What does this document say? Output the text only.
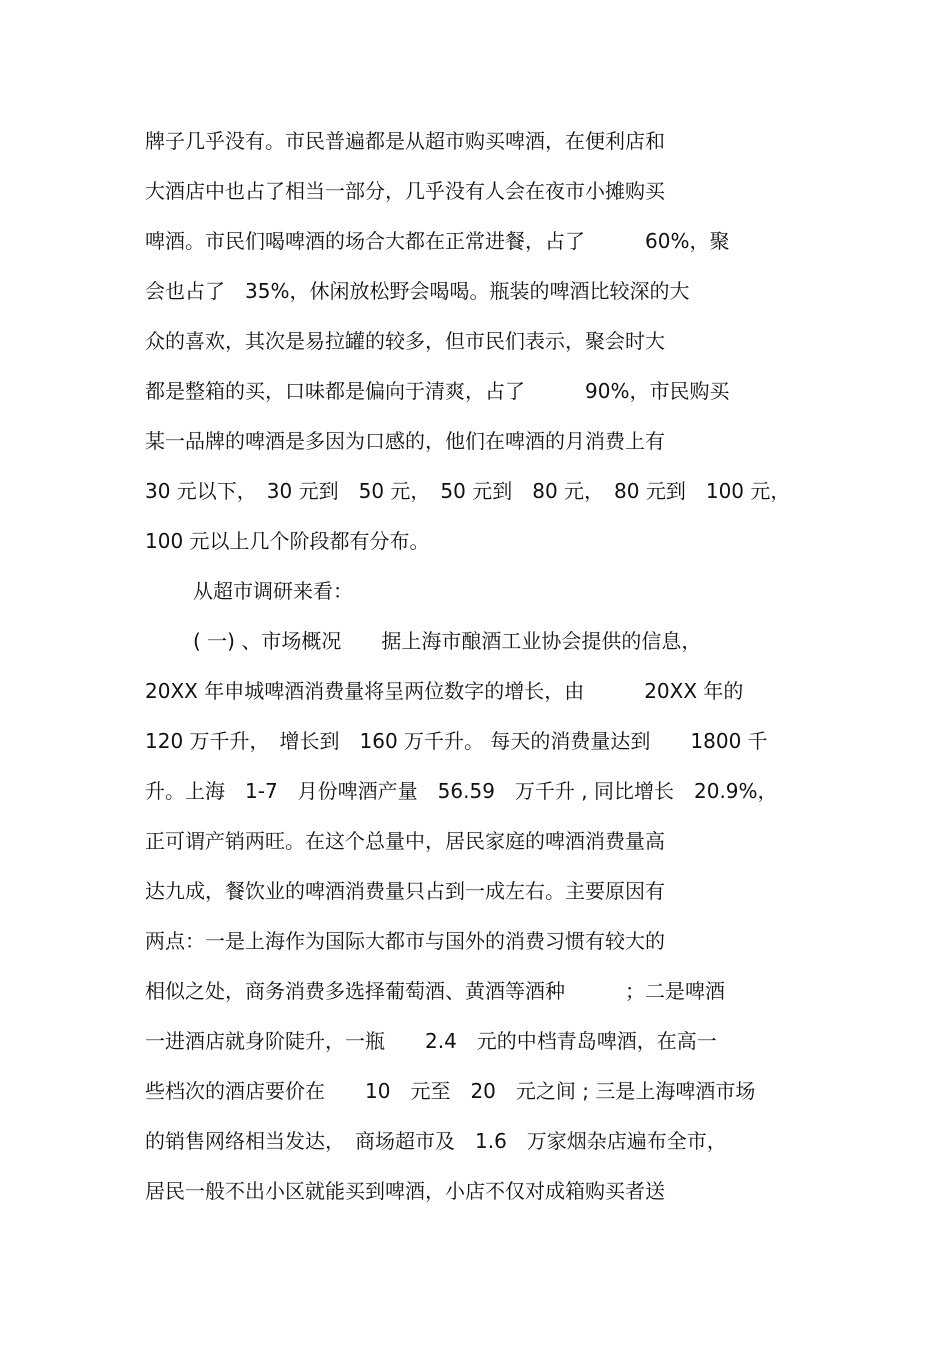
牌子几乎没有。市民普遍都是从超市购买啤酒，在便利店和
大酒店中也占了相当一部分，几乎没有人会在夜市小摊购买
啤酒。市民们喝啤酒的场合大都在正常进餐，占了　　　60%，聚
会也占了　35%，休闲放松野会喝喝。瓶装的啤酒比较深的大
众的喜欢，其次是易拉罐的较多，但市民们表示，聚会时大
都是整箱的买，口味都是偏向于清爽，占了　　　90%，市民购买
某一品牌的啤酒是多因为口感的，他们在啤酒的月消费上有
30 元以下，　30 元到　50 元，　50 元到　80 元，　80 元到　100 元，
100 元以上几个阶段都有分布。
从超市调研来看：
( 一) 、市场概况　　据上海市酿酒工业协会提供的信息，
20XX 年申城啤酒消费量将呈两位数字的增长，由　　　20XX 年的
120 万千升，　增长到　160 万千升。 每天的消费量达到　　1800 千
升。上海　1-7　月份啤酒产量　56.59　万千升 , 同比增长　20.9%，
正可谓产销两旺。在这个总量中，居民家庭的啤酒消费量高
达九成，餐饮业的啤酒消费量只占到一成左右。主要原因有
两点：一是上海作为国际大都市与国外的消费习惯有较大的
相似之处，商务消费多选择葡萄酒、黄酒等酒种　　　；二是啤酒
一进酒店就身阶陡升，一瓶　　2.4　元的中档青岛啤酒，在高一
些档次的酒店要价在　　10　元至　20　元之间 ; 三是上海啤酒市场
的销售网络相当发达，　商场超市及　1.6　万家烟杂店遍布全市，
居民一般不出小区就能买到啤酒，小店不仅对成箱购买者送
